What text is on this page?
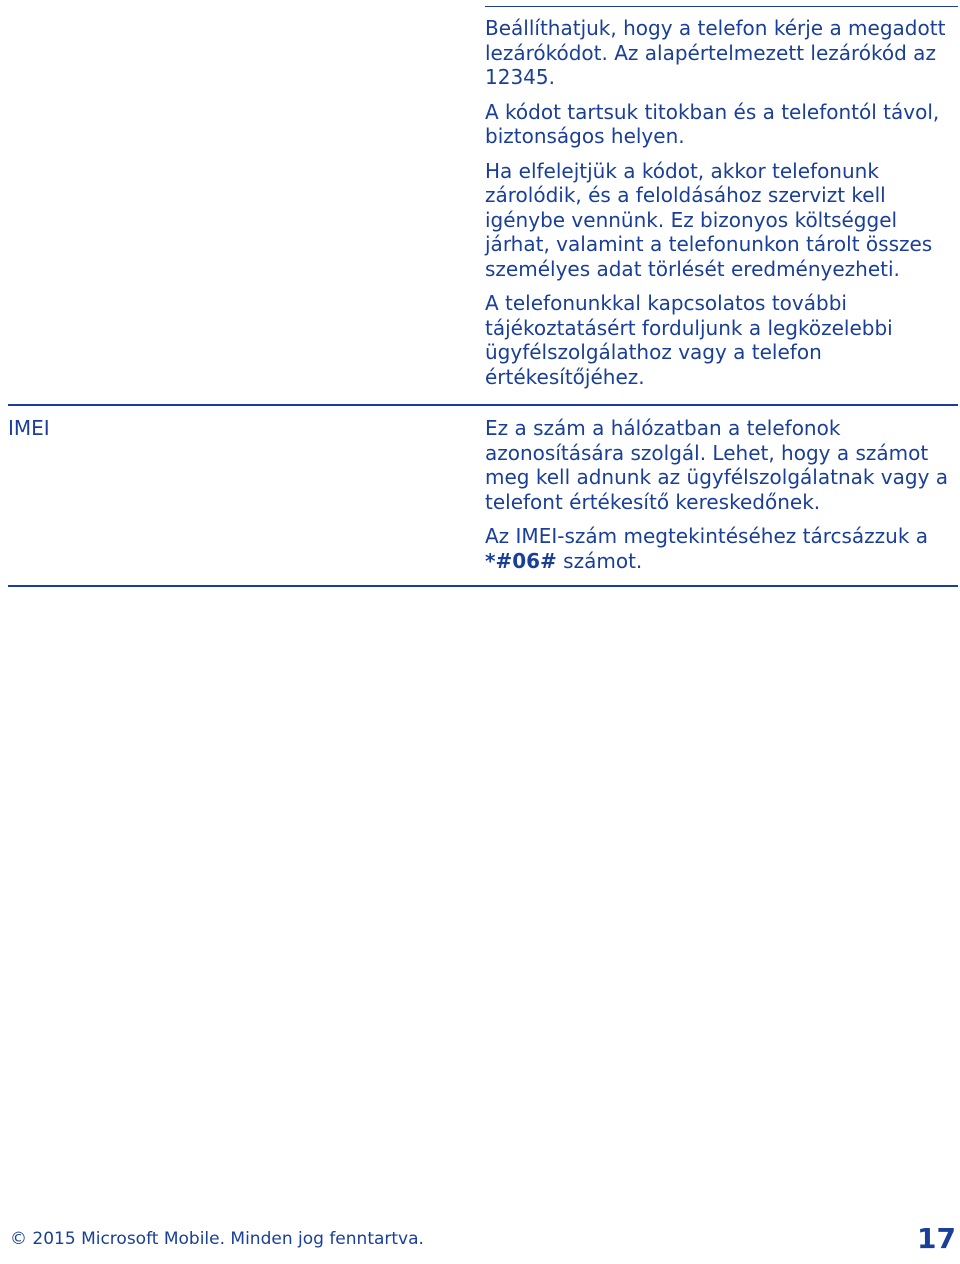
Beállíthatjuk, hogy a telefon kérje a megadott lezárókódot. Az alapértelmezett lezárókód az 12345.

A kódot tartsuk titokban és a telefontól távol, biztonságos helyen.

Ha elfelejtjük a kódot, akkor telefonunk zárolódik, és a feloldásához szervizt kell igénybe vennünk. Ez bizonyos költséggel járhat, valamint a telefonunkon tárolt összes személyes adat törlését eredményezheti.

A telefonunkkal kapcsolatos további tájékoztatásért forduljunk a legközelebbi ügyfélszolgálathoz vagy a telefon értékesítőjéhez.

IMEI	Ez a szám a hálózatban a telefonok azonosítására szolgál. Lehet, hogy a számot meg kell adnunk az ügyfélszolgálatnak vagy a telefont értékesítő kereskedőnek.

Az IMEI-szám megtekintéséhez tárcsázzuk a *#06# számot.

© 2015 Microsoft Mobile. Minden jog fenntartva.	17
